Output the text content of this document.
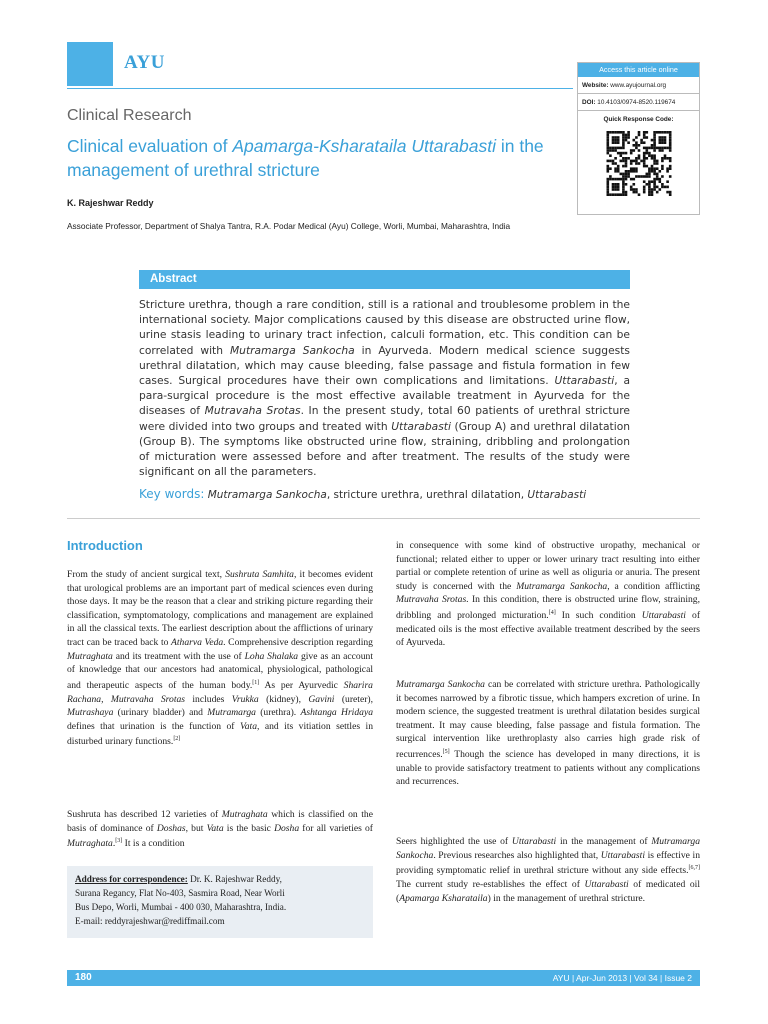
AYU
Clinical Research
Clinical evaluation of Apamarga-Ksharataila Uttarabasti in the management of urethral stricture
K. Rajeshwar Reddy
Associate Professor, Department of Shalya Tantra, R.A. Podar Medical (Ayu) College, Worli, Mumbai, Maharashtra, India
Access this article online
Website: www.ayujournal.org
DOI: 10.4103/0974-8520.119674
Quick Response Code:
Abstract
Stricture urethra, though a rare condition, still is a rational and troublesome problem in the international society. Major complications caused by this disease are obstructed urine flow, urine stasis leading to urinary tract infection, calculi formation, etc. This condition can be correlated with Mutramarga Sankocha in Ayurveda. Modern medical science suggests urethral dilatation, which may cause bleeding, false passage and fistula formation in few cases. Surgical procedures have their own complications and limitations. Uttarabasti, a para-surgical procedure is the most effective available treatment in Ayurveda for the diseases of Mutravaha Srotas. In the present study, total 60 patients of urethral stricture were divided into two groups and treated with Uttarabasti (Group A) and urethral dilatation (Group B). The symptoms like obstructed urine flow, straining, dribbling and prolongation of micturation were assessed before and after treatment. The results of the study were significant on all the parameters.
Key words: Mutramarga Sankocha, stricture urethra, urethral dilatation, Uttarabasti
Introduction
From the study of ancient surgical text, Sushruta Samhita, it becomes evident that urological problems are an important part of medical sciences even during those days. It may be the reason that a clear and striking picture regarding their classification, symptomatology, complications and management are explained in all the classical texts. The earliest description about the afflictions of urinary tract can be traced back to Atharva Veda. Comprehensive description regarding Mutraghata and its treatment with the use of Loha Shalaka give as an account of knowledge that our ancestors had anatomical, physiological, pathological and therapeutic aspects of the human body.[1] As per Ayurvedic Sharira Rachana, Mutravaha Srotas includes Vrukka (kidney), Gavini (ureter), Mutrashaya (urinary bladder) and Mutramarga (urethra). Ashtanga Hridaya defines that urination is the function of Vata, and its vitiation settles in disturbed urinary functions.[2]
Sushruta has described 12 varieties of Mutraghata which is classified on the basis of dominance of Doshas, but Vata is the basic Dosha for all varieties of Mutraghata.[3] It is a condition
Address for correspondence: Dr. K. Rajeshwar Reddy,
Surana Regancy, Flat No-403, Sasmira Road, Near Worli
Bus Depo, Worli, Mumbai - 400 030, Maharashtra, India.
E-mail: reddyrajeshwar@rediffmail.com
in consequence with some kind of obstructive uropathy, mechanical or functional; related either to upper or lower urinary tract resulting into either partial or complete retention of urine as well as oliguria or anuria. The present study is concerned with the Mutramarga Sankocha, a condition afflicting Mutravaha Srotas. In this condition, there is obstructed urine flow, straining, dribbling and prolonged micturation.[4] In such condition Uttarabasti of medicated oils is the most effective available treatment described by the seers of Ayurveda.
Mutramarga Sankocha can be correlated with stricture urethra. Pathologically it becomes narrowed by a fibrotic tissue, which hampers excretion of urine. In modern science, the suggested treatment is urethral dilatation besides surgical treatment. It may cause bleeding, false passage and fistula formation. The surgical intervention like urethroplasty also carries high grade risk of recurrences.[5] Though the science has developed in many directions, it is unable to provide satisfactory treatment to patients without any complications and recurrences.
Seers highlighted the use of Uttarabasti in the management of Mutramarga Sankocha. Previous researches also highlighted that, Uttarabasti is effective in providing symptomatic relief in urethral stricture without any side effects.[6,7] The current study re-establishes the effect of Uttarabasti of medicated oil (Apamarga Ksharataila) in the management of urethral stricture.
180	AYU | Apr-Jun 2013 | Vol 34 | Issue 2
